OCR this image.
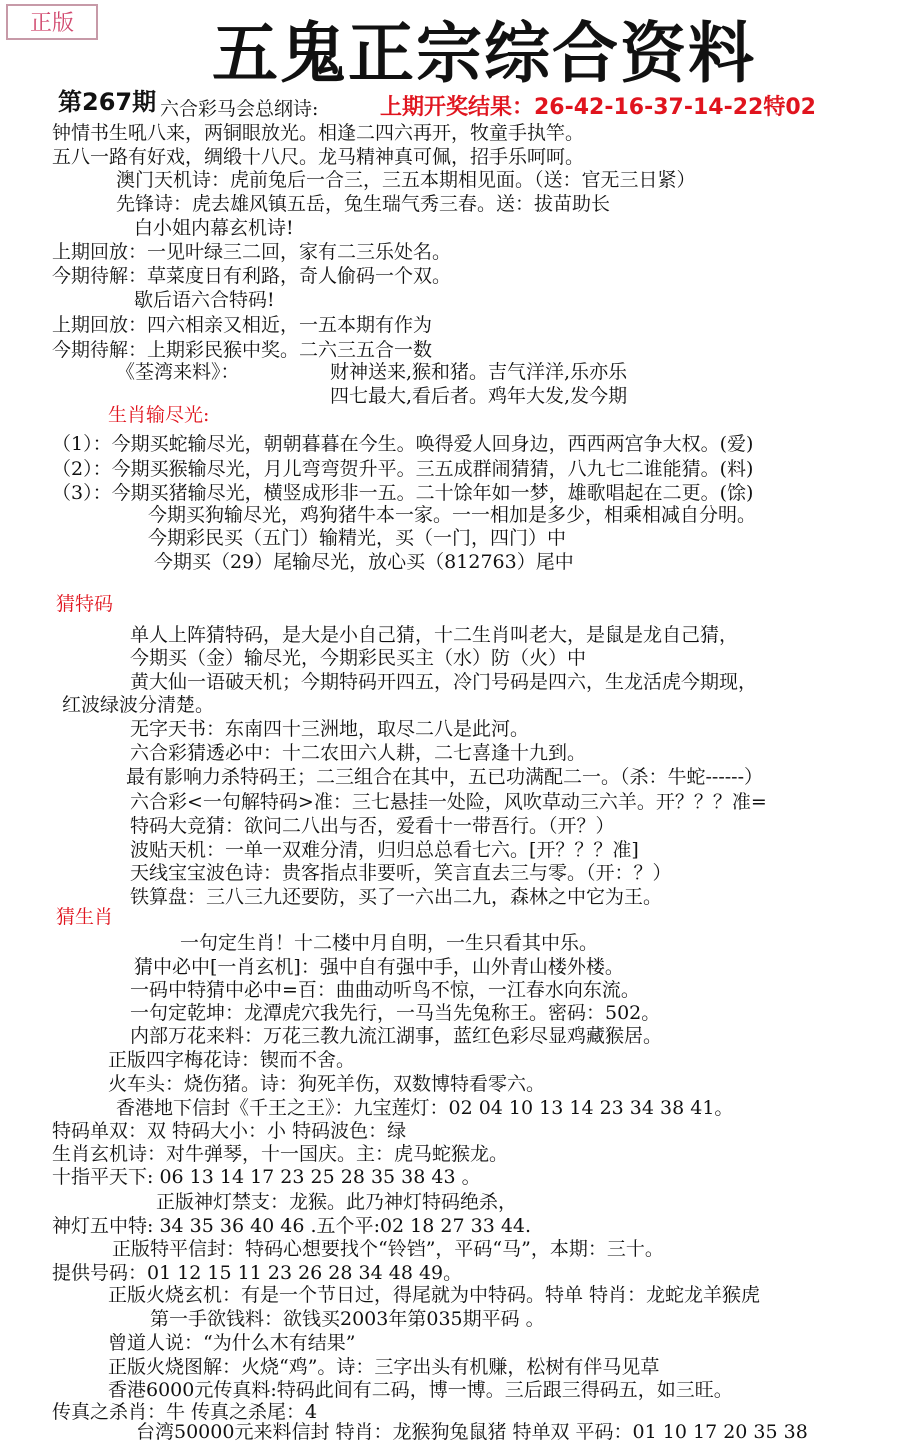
正版	五鬼正宗综合资料
第267期	上期开奖结果：26-42-16-37-14-22特02
六合彩马会总纲诗:
钟情书生吼八来，两铜眼放光。相逢二四六再开，牧童手执竿。
五八一路有好戏，绸缎十八尺。龙马精神真可佩，招手乐呵呵。
澳门天机诗：虎前兔后一合三，三五本期相见面。（送：官无三日紧）
先锋诗：虎去雄风镇五岳，兔生瑞气秀三春。送：拔苗助长
白小姐内幕玄机诗!
上期回放：一见叶绿三二回，家有二三乐处名。
今期待解：草菜度日有利路，奇人偷码一个双。
歇后语六合特码!
上期回放：四六相亲又相近，一五本期有作为
今期待解：上期彩民猴中奖。二六三五合一数
《荃湾来料》：	财神送来,猴和猪。吉气洋洋,乐亦乐
四七最大,看后者。鸡年大发,发今期
生肖输尽光:
（1）：今期买蛇输尽光，朝朝暮暮在今生。唤得爱人回身边，西西两宫争大权。(爱)
（2）：今期买猴输尽光，月儿弯弯贺升平。三五成群闹猜猜，八九七二谁能猜。(料)
（3）：今期买猪输尽光，横竖成形非一五。二十馀年如一梦，雄歌唱起在二更。(馀)
今期买狗输尽光，鸡狗猪牛本一家。一一相加是多少，相乘相减自分明。
今期彩民买（五门）输精光，买（一门，四门）中
今期买（29）尾输尽光，放心买（812763）尾中
猜特码
单人上阵猜特码，是大是小自己猜，十二生肖叫老大，是鼠是龙自己猜，
今期买（金）输尽光，今期彩民买主（水）防（火）中
黄大仙一语破天机；今期特码开四五，冷门号码是四六，生龙活虎今期现，
红波绿波分清楚。
无字天书：东南四十三洲地，取尽二八是此河。
六合彩猜透必中：十二农田六人耕，二七喜逢十九到。
最有影响力杀特码王；二三组合在其中，五已功满配二一。（杀：牛蛇------）
六合彩<一句解特码>准：三七悬挂一处险，风吹草动三六羊。开？？？准=
特码大竞猜：欲问二八出与否，爱看十一带吾行。（开？）
波贴天机：一单一双难分清，归归总总看七六。[开？？？准]
天线宝宝波色诗：贵客指点非要听，笑言直去三与零。（开：？）
铁算盘：三八三九还要防，买了一六出二九，森林之中它为王。
猜生肖
一句定生肖！十二楼中月自明，一生只看其中乐。
猜中必中[一肖玄机]：强中自有强中手，山外青山楼外楼。
一码中特猜中必中=百：曲曲动听鸟不惊，一江春水向东流。
一句定乾坤：龙潭虎穴我先行，一马当先兔称王。密码：502。
内部万花来料：万花三教九流江湖事，蓝红色彩尽显鸡藏猴居。
正版四字梅花诗：锲而不舍。
火车头：烧伤猪。诗：狗死羊伤，双数博特看零六。
香港地下信封《千王之王》：九宝莲灯：02 04 10 13 14 23 34 38 41。
特码单双：双 特码大小：小 特码波色：绿
生肖玄机诗：对牛弹琴，十一国庆。主：虎马蛇猴龙。
十指平天下: 06 13 14 17 23 25 28 35 38 43 。
正版神灯禁支：龙猴。此乃神灯特码绝杀，
神灯五中特: 34 35 36 40 46 .五个平:02 18 27 33 44.
正版特平信封：特码心想要找个“铃铛”，平码“马”，本期：三十。
提供号码：01 12 15 11 23 26 28 34 48 49。
正版火烧玄机：有是一个节日过，得尾就为中特码。特单 特肖：龙蛇龙羊猴虎
第一手欲钱料：欲钱买2003年第035期平码 。
曾道人说：“为什么木有结果”
正版火烧图解：火烧“鸡”。诗：三字出头有机赚，松树有伴马见草
香港6000元传真料:特码此间有二码，博一博。三后跟三得码五，如三旺。
传真之杀肖：牛 传真之杀尾：4
台湾50000元来料信封 特肖：龙猴狗兔鼠猪 特单双 平码：01 10 17 20 35 38
